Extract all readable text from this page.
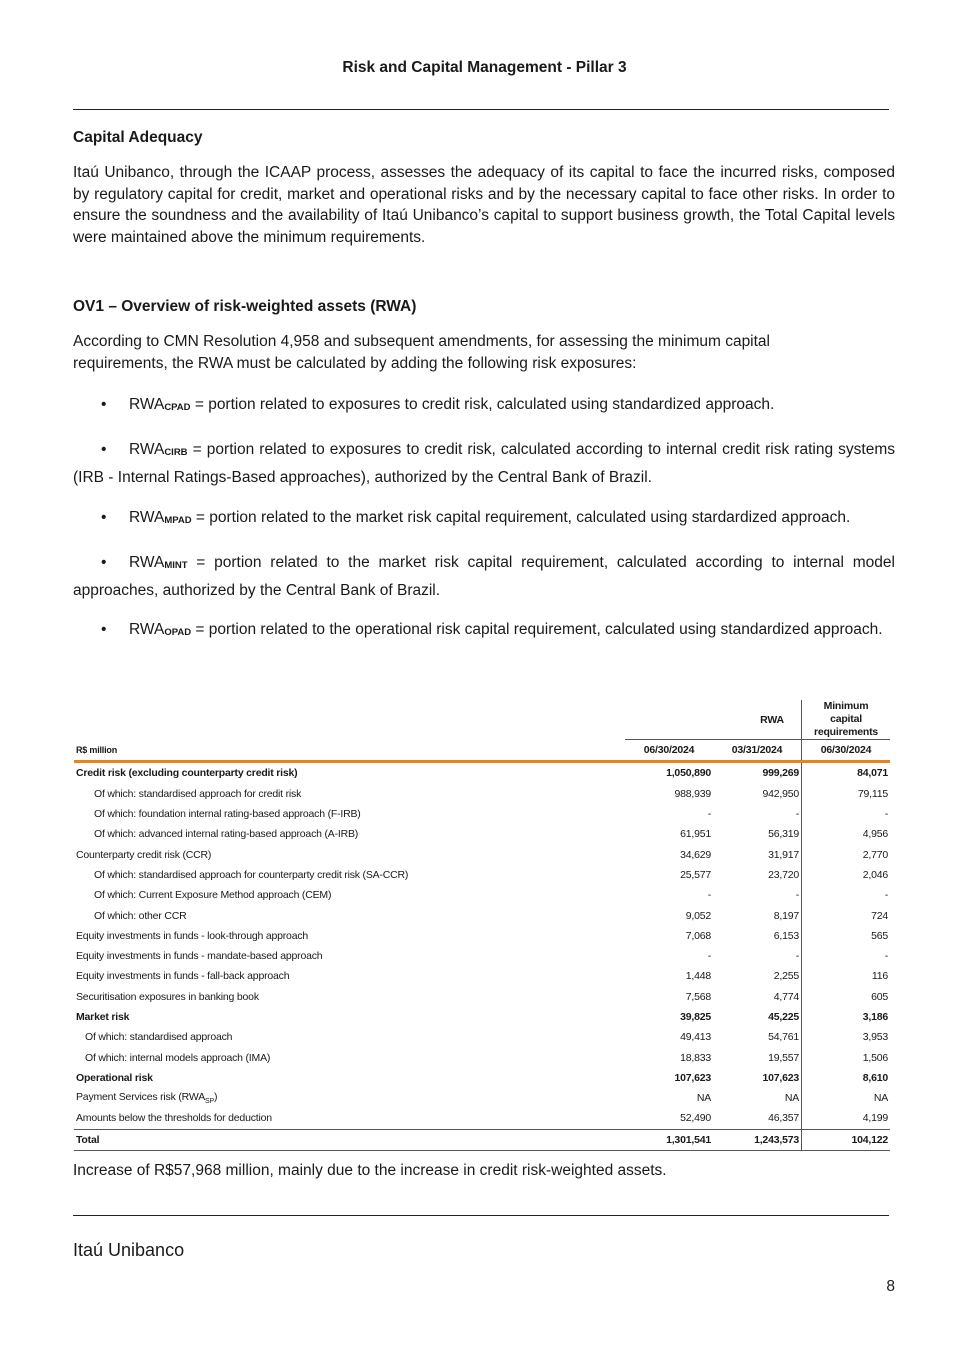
Risk and Capital Management - Pillar 3
Capital Adequacy
Itaú Unibanco, through the ICAAP process, assesses the adequacy of its capital to face the incurred risks, composed by regulatory capital for credit, market and operational risks and by the necessary capital to face other risks. In order to ensure the soundness and the availability of Itaú Unibanco’s capital to support business growth, the Total Capital levels were maintained above the minimum requirements.
OV1 – Overview of risk-weighted assets (RWA)
According to CMN Resolution 4,958 and subsequent amendments, for assessing the minimum capital requirements, the RWA must be calculated by adding the following risk exposures:
• $RWA_{CPAD}$ = portion related to exposures to credit risk, calculated using standardized approach.
• $RWA_{CIRB}$ = portion related to exposures to credit risk, calculated according to internal credit risk rating systems (IRB - Internal Ratings-Based approaches), authorized by the Central Bank of Brazil.
• $RWA_{MPAD}$ = portion related to the market risk capital requirement, calculated using stardardized approach.
• $RWA_{MINT}$ = portion related to the market risk capital requirement, calculated according to internal model approaches, authorized by the Central Bank of Brazil.
• $RWA_{OPAD}$ = portion related to the operational risk capital requirement, calculated using standardized approach.
	RWA		Minimum capital requirements
R$ million	06/30/2024	03/31/2024	06/30/2024
Credit risk (excluding counterparty credit risk)	1,050,890	999,269	84,071
Of which: standardised approach for credit risk	988,939	942,950	79,115
Of which: foundation internal rating-based approach (F-IRB)	-	-	-
Of which: advanced internal rating-based approach (A-IRB)	61,951	56,319	4,956
Counterparty credit risk (CCR)	34,629	31,917	2,770
Of which: standardised approach for counterparty credit risk (SA-CCR)	25,577	23,720	2,046
Of which: Current Exposure Method approach (CEM)	-	-	-
Of which: other CCR	9,052	8,197	724
Equity investments in funds - look-through approach	7,068	6,153	565
Equity investments in funds - mandate-based approach	-	-	-
Equity investments in funds - fall-back approach	1,448	2,255	116
Securitisation exposures in banking book	7,568	4,774	605
Market risk	39,825	45,225	3,186
Of which: standardised approach	49,413	54,761	3,953
Of which: internal models approach (IMA)	18,833	19,557	1,506
Operational risk	107,623	107,623	8,610
Payment Services risk $(RWA_{SP})$	NA	NA	NA
Amounts below the thresholds for deduction	52,490	46,357	4,199
Total	1,301,541	1,243,573	104,122
Increase of R$57,968 million, mainly due to the increase in credit risk-weighted assets.
Itaú Unibanco
8
